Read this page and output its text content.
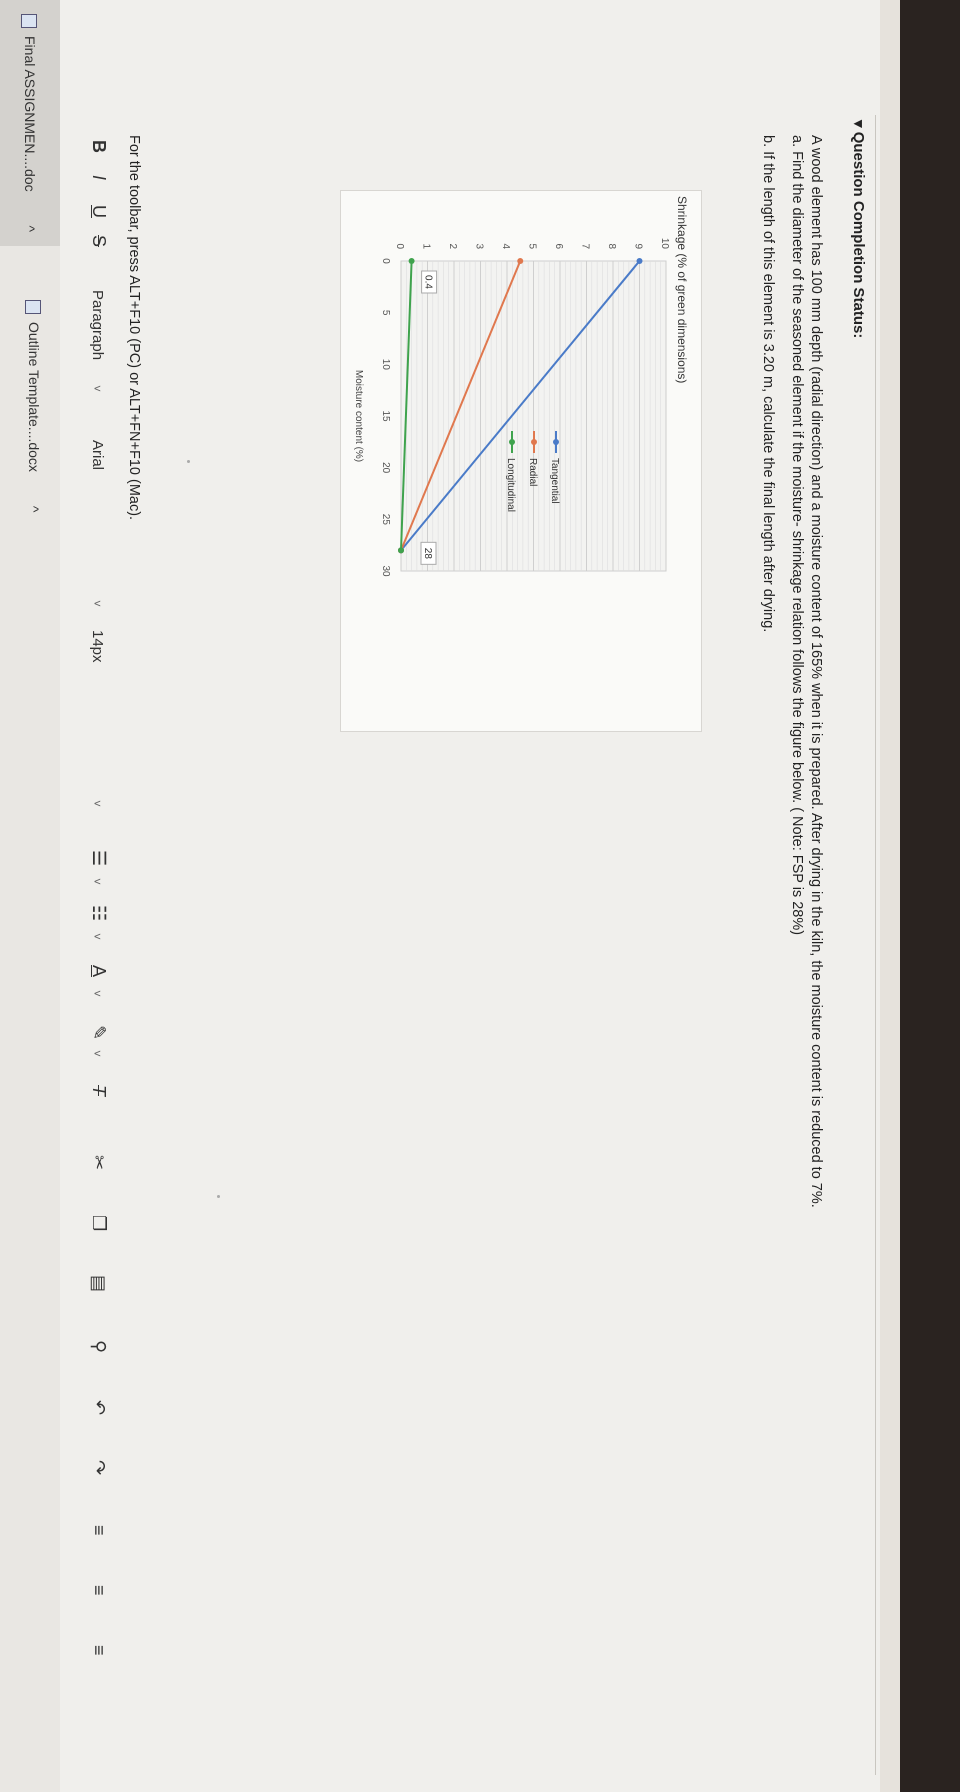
▾ Question Completion Status:

A wood element has 100 mm depth (radial direction) and a moisture content of 165% when it is prepared. After drying in the kiln, the moisture content is reduced to 7%.

a. Find the diameter of the seasoned element if the moisture- shrinkage relation follows the figure below. ( Note: FSP is 28%)

b. If the length of this element is 3.20 m, calculate the final length after drying.

0 1 2 3 4 5 6 7 8 9 10
0
5
10
15
20
25
30
Shrinkage (% of green dimensions)
Moisture content (%)
Tangential
Radial
Longitudinal
0.4
28
For the toolbar, press ALT+F10 (PC) or ALT+FN+F10 (Mac).
B
I
U
S
Paragraph
˅
Arial
˅
14px
˅
☰
˅
☷
˅
A
˅
✎
˅
T
✂
❐
▤
⚲
↶
↷
≡
≡
≡
Final ASSIGNMEN....doc ^
Outline Template....docx ^
